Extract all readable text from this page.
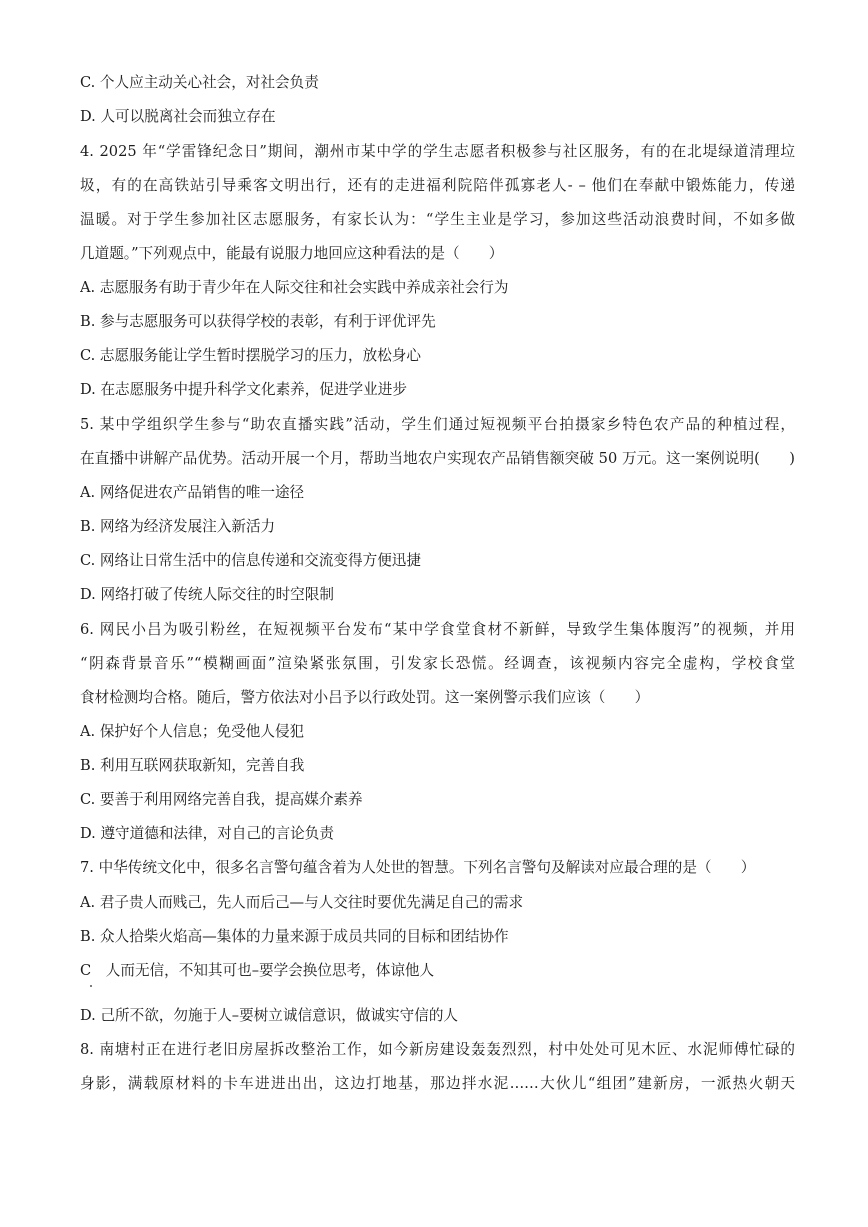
C. 个人应主动关心社会，对社会负责
D. 人可以脱离社会而独立存在
4. 2025 年“学雷锋纪念日”期间，潮州市某中学的学生志愿者积极参与社区服务，有的在北堤绿道清理垃
圾，有的在高铁站引导乘客文明出行，还有的走进福利院陪伴孤寡老人- – 他们在奉献中锻炼能力，传递
温暖。对于学生参加社区志愿服务，有家长认为：“学生主业是学习，参加这些活动浪费时间，不如多做
几道题。”下列观点中，能最有说服力地回应这种看法的是（　　）
A. 志愿服务有助于青少年在人际交往和社会实践中养成亲社会行为
B. 参与志愿服务可以获得学校的表彰，有利于评优评先
C. 志愿服务能让学生暂时摆脱学习的压力，放松身心
D. 在志愿服务中提升科学文化素养，促进学业进步
5. 某中学组织学生参与“助农直播实践”活动，学生们通过短视频平台拍摄家乡特色农产品的种植过程，
在直播中讲解产品优势。活动开展一个月，帮助当地农户实现农产品销售额突破 50 万元。这一案例说明(　　)
A. 网络促进农产品销售的唯一途径
B. 网络为经济发展注入新活力
C. 网络让日常生活中的信息传递和交流变得方便迅捷
D. 网络打破了传统人际交往的时空限制
6. 网民小吕为吸引粉丝，在短视频平台发布“某中学食堂食材不新鲜，导致学生集体腹泻”的视频，并用
“阴森背景音乐”“模糊画面”渲染紧张氛围，引发家长恐慌。经调查，该视频内容完全虚构，学校食堂
食材检测均合格。随后，警方依法对小吕予以行政处罚。这一案例警示我们应该（　　）
A. 保护好个人信息；免受他人侵犯
B. 利用互联网获取新知，完善自我
C. 要善于利用网络完善自我，提高媒介素养
D. 遵守道德和法律，对自己的言论负责
7. 中华传统文化中，很多名言警句蕴含着为人处世的智慧。下列名言警句及解读对应最合理的是（　　）
A. 君子贵人而贱己，先人而后己—与人交往时要优先满足自己的需求
B. 众人拾柴火焰高—集体的力量来源于成员共同的目标和团结协作
C　人而无信，不知其可也–要学会换位思考，体谅他人
D. 己所不欲，勿施于人–要树立诚信意识，做诚实守信的人
8. 南塘村正在进行老旧房屋拆改整治工作，如今新房建设轰轰烈烈，村中处处可见木匠、水泥师傅忙碌的
身影，满载原材料的卡车进进出出，这边打地基，那边拌水泥……大伙儿“组团”建新房，一派热火朝天
